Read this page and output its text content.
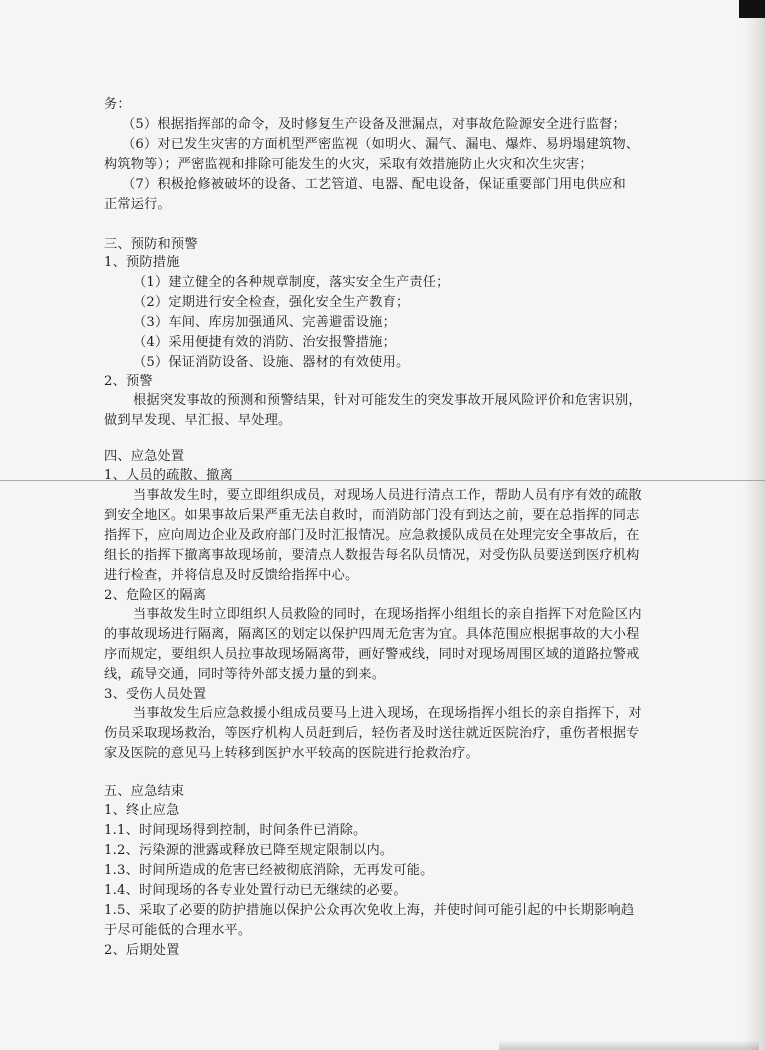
务：
（5）根据指挥部的命令，及时修复生产设备及泄漏点，对事故危险源安全进行监督；
（6）对已发生灾害的方面机型严密监视（如明火、漏气、漏电、爆炸、易坍塌建筑物、
构筑物等）；严密监视和排除可能发生的火灾，采取有效措施防止火灾和次生灾害；
（7）积极抢修被破坏的设备、工艺管道、电器、配电设备，保证重要部门用电供应和
正常运行。
三、预防和预警
1、预防措施
（1）建立健全的各种规章制度，落实安全生产责任；
（2）定期进行安全检查，强化安全生产教育；
（3）车间、库房加强通风、完善避雷设施；
（4）采用便捷有效的消防、治安报警措施；
（5）保证消防设备、设施、器材的有效使用。
2、预警
根据突发事故的预测和预警结果，针对可能发生的突发事故开展风险评价和危害识别，
做到早发现、早汇报、早处理。
四、应急处置
1、人员的疏散、撤离
当事故发生时，要立即组织成员，对现场人员进行清点工作，帮助人员有序有效的疏散
到安全地区。如果事故后果严重无法自救时，而消防部门没有到达之前，要在总指挥的同志
指挥下，应向周边企业及政府部门及时汇报情况。应急救援队成员在处理完安全事故后，在
组长的指挥下撤离事故现场前，要清点人数报告每名队员情况，对受伤队员要送到医疗机构
进行检查，并将信息及时反馈给指挥中心。
2、危险区的隔离
当事故发生时立即组织人员救险的同时，在现场指挥小组组长的亲自指挥下对危险区内
的事故现场进行隔离，隔离区的划定以保护四周无危害为宜。具体范围应根据事故的大小程
序而规定，要组织人员拉事故现场隔离带，画好警戒线，同时对现场周围区域的道路拉警戒
线，疏导交通，同时等待外部支援力量的到来。
3、受伤人员处置
当事故发生后应急救援小组成员要马上进入现场，在现场指挥小组长的亲自指挥下，对
伤员采取现场救治，等医疗机构人员赶到后，轻伤者及时送往就近医院治疗，重伤者根据专
家及医院的意见马上转移到医护水平较高的医院进行抢救治疗。
五、应急结束
1、终止应急
1.1、时间现场得到控制，时间条件已消除。
1.2、污染源的泄露或释放已降至规定限制以内。
1.3、时间所造成的危害已经被彻底消除，无再发可能。
1.4、时间现场的各专业处置行动已无继续的必要。
1.5、采取了必要的防护措施以保护公众再次免收上海，并使时间可能引起的中长期影响趋
于尽可能低的合理水平。
2、后期处置
